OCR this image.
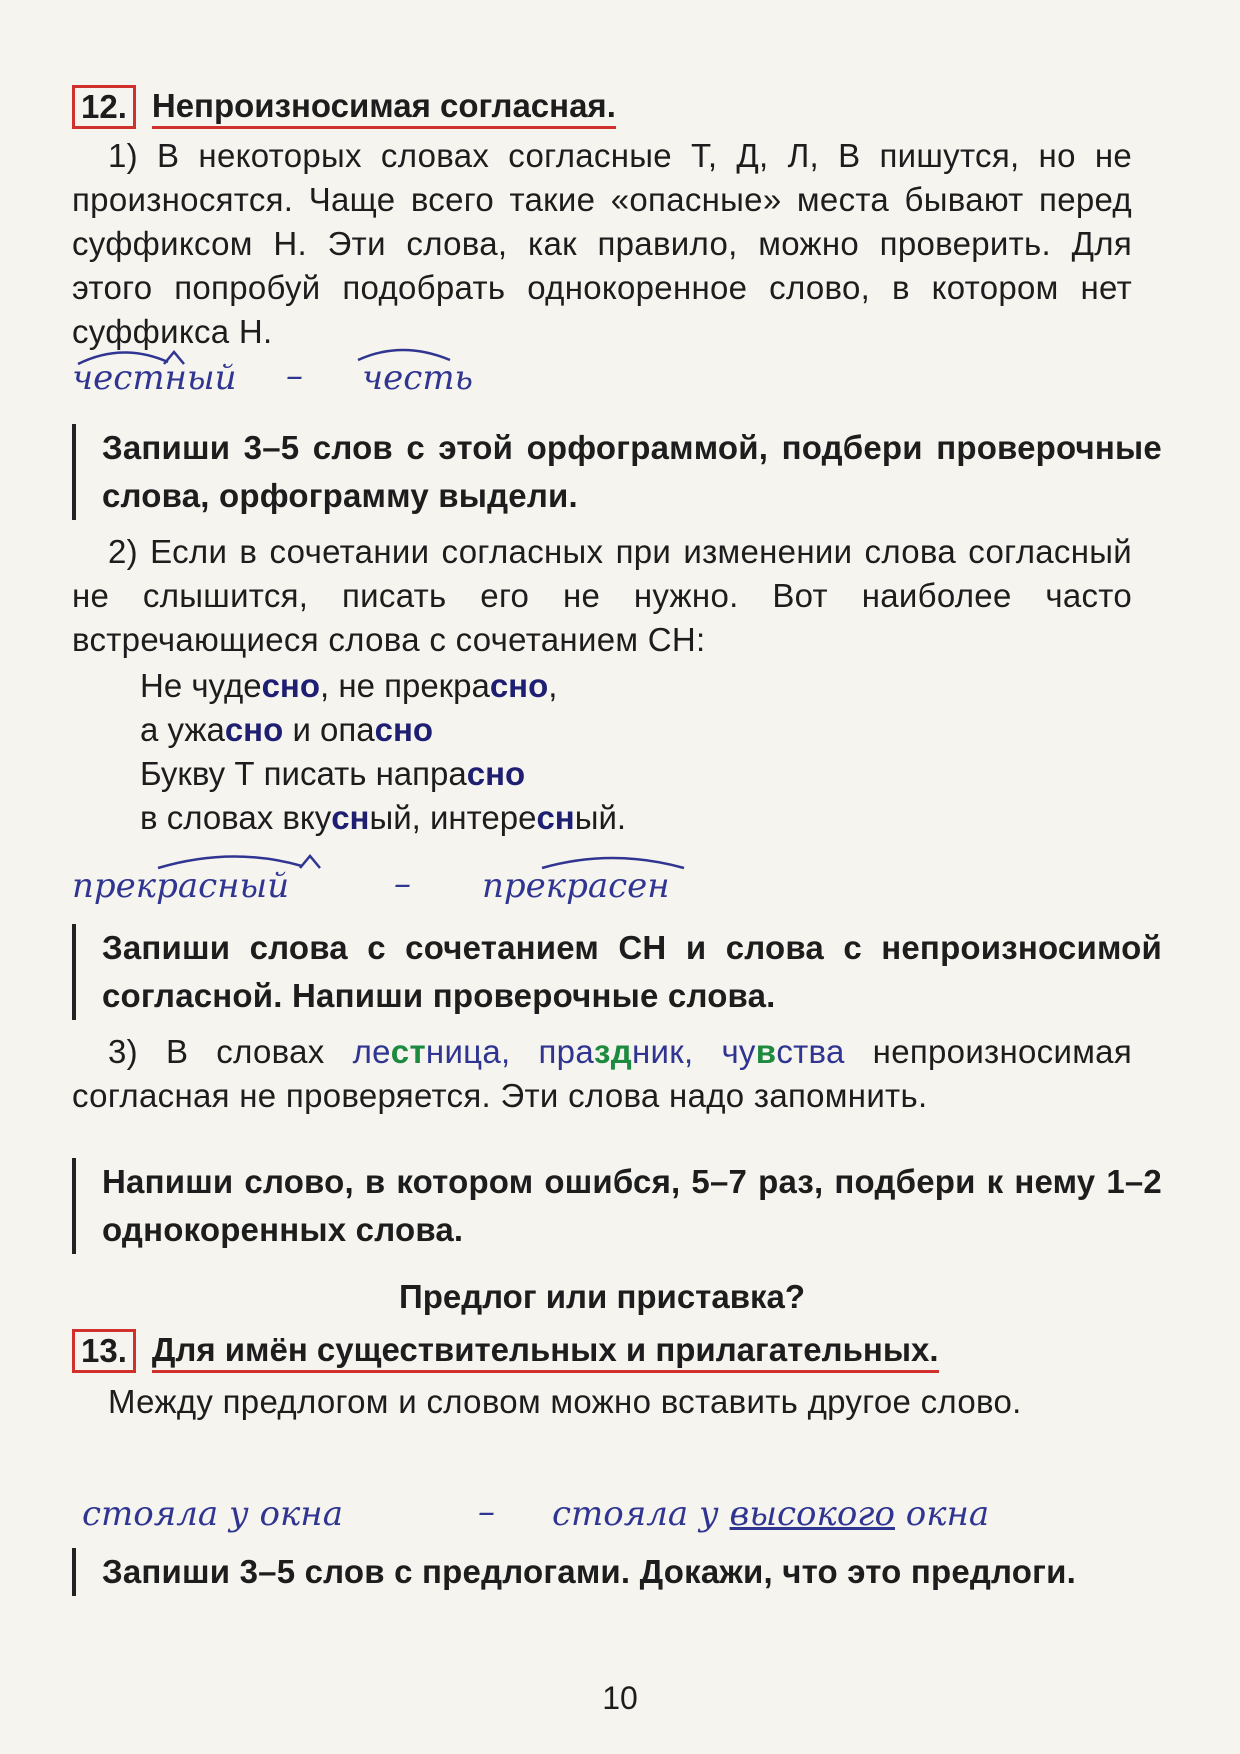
12. Непроизносимая согласная.
1) В некоторых словах согласные Т, Д, Л, В пишутся, но не произносятся. Чаще всего такие «опасные» места бывают перед суффиксом Н. Эти слова, как правило, можно проверить. Для этого попробуй подобрать однокоренное слово, в котором нет суффикса Н.
честный – честь
Запиши 3–5 слов с этой орфограммой, подбери проверочные слова, орфограмму выдели.
2) Если в сочетании согласных при изменении слова согласный не слышится, писать его не нужно. Вот наиболее часто встречающиеся слова с сочетанием СН:
Не чудесно, не прекрасно,
а ужасно и опасно
Букву Т писать напрасно
в словах вкусный, интересный.
прекрасный	– прекрасен
Запиши слова с сочетанием СН и слова с непроизносимой согласной. Напиши проверочные слова.
3) В словах лестница, праздник, чувства непроизносимая согласная не проверяется. Эти слова надо запомнить.
Напиши слово, в котором ошибся, 5–7 раз, подбери к нему 1–2 однокоренных слова.
Предлог или приставка?
13. Для имён существительных и прилагательных.
Между предлогом и словом можно вставить другое слово.
стояла у окна	– стояла у высокого окна
Запиши 3–5 слов с предлогами. Докажи, что это предлоги.
10
